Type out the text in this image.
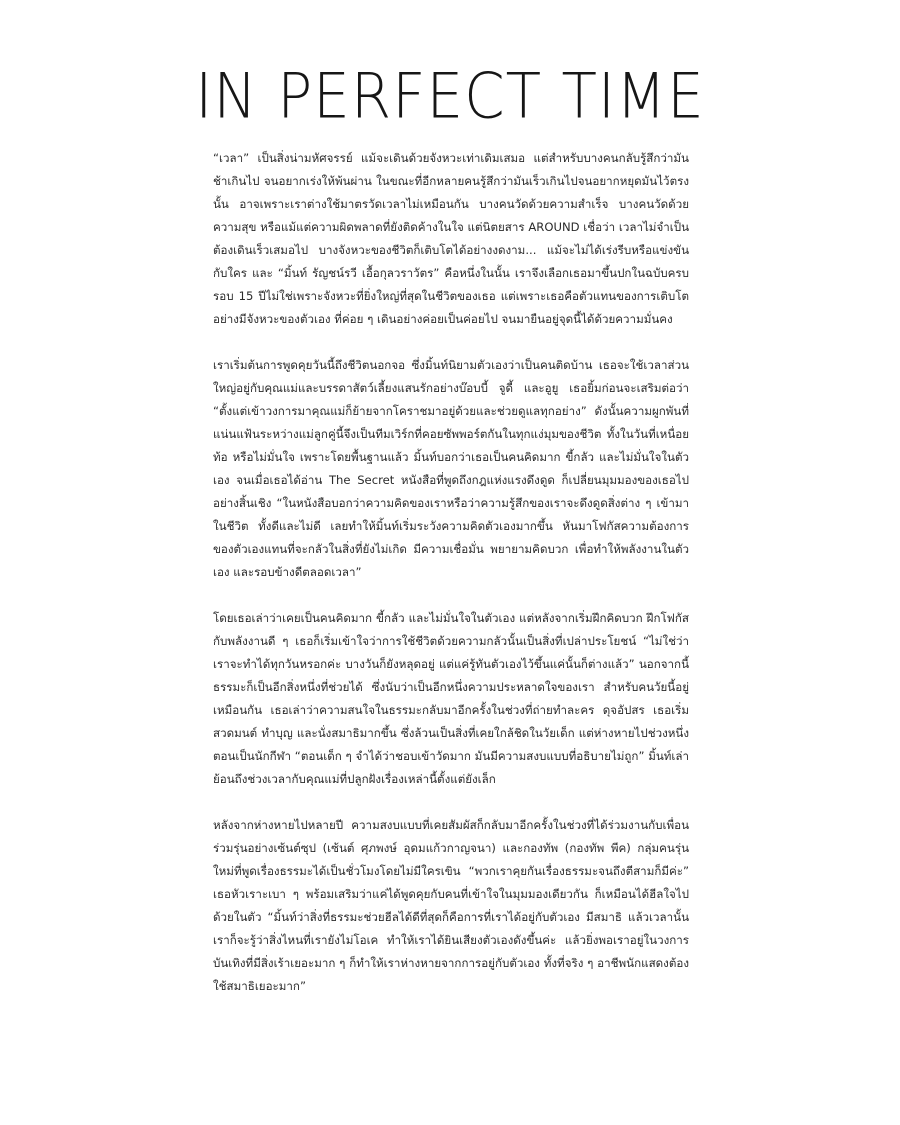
IN PERFECT TIME

“เวลา” เป็นสิ่งน่ามหัศจรรย์ แม้จะเดินด้วยจังหวะเท่าเดิมเสมอ แต่สำหรับบางคนกลับรู้สึกว่ามันช้าเกินไป จนอยากเร่งให้พ้นผ่าน ในขณะที่อีกหลายคนรู้สึกว่ามันเร็วเกินไปจนอยากหยุดมันไว้ตรงนั้น อาจเพราะเราต่างใช้มาตรวัดเวลาไม่เหมือนกัน บางคนวัดด้วยความสำเร็จ บางคนวัดด้วยความสุข หรือแม้แต่ความผิดพลาดที่ยังติดค้างในใจ แต่นิตยสาร AROUND เชื่อว่า เวลาไม่จำเป็นต้องเดินเร็วเสมอไป บางจังหวะของชีวิตก็เติบโตได้อย่างงดงาม... แม้จะไม่ได้เร่งรีบหรือแข่งขันกับใคร และ “มิ้นท์ รัญชน์รวี เอื้อกุลวราวัตร” คือหนึ่งในนั้น เราจึงเลือกเธอมาขึ้นปกในฉบับครบรอบ 15 ปีไม่ใช่เพราะจังหวะที่ยิ่งใหญ่ที่สุดในชีวิตของเธอ แต่เพราะเธอคือตัวแทนของการเติบโตอย่างมีจังหวะของตัวเอง ที่ค่อย ๆ เดินอย่างค่อยเป็นค่อยไป จนมายืนอยู่จุดนี้ได้ด้วยความมั่นคง

เราเริ่มต้นการพูดคุยวันนี้ถึงชีวิตนอกจอ ซึ่งมิ้นท์นิยามตัวเองว่าเป็นคนติดบ้าน เธอจะใช้เวลาส่วนใหญ่อยู่กับคุณแม่และบรรดาสัตว์เลี้ยงแสนรักอย่างบ๊อบบี้ จูดี้ และอูยู เธอยิ้มก่อนจะเสริมต่อว่า “ตั้งแต่เข้าวงการมาคุณแม่ก็ย้ายจากโคราชมาอยู่ด้วยและช่วยดูแลทุกอย่าง” ดังนั้นความผูกพันที่แน่นแฟ้นระหว่างแม่ลูกคู่นี้จึงเป็นทีมเวิร์กที่คอยซัพพอร์ตกันในทุกแง่มุมของชีวิต ทั้งในวันที่เหนื่อย ท้อ หรือไม่มั่นใจ เพราะโดยพื้นฐานแล้ว มิ้นท์บอกว่าเธอเป็นคนคิดมาก ขี้กลัว และไม่มั่นใจในตัวเอง จนเมื่อเธอได้อ่าน The Secret หนังสือที่พูดถึงกฎแห่งแรงดึงดูด ก็เปลี่ยนมุมมองของเธอไปอย่างสิ้นเชิง “ในหนังสือบอกว่าความคิดของเราหรือว่าความรู้สึกของเราจะดึงดูดสิ่งต่าง ๆ เข้ามาในชีวิต ทั้งดีและไม่ดี เลยทำให้มิ้นท์เริ่มระวังความคิดตัวเองมากขึ้น หันมาโฟกัสความต้องการของตัวเองแทนที่จะกลัวในสิ่งที่ยังไม่เกิด มีความเชื่อมั่น พยายามคิดบวก เพื่อทำให้พลังงานในตัวเอง และรอบข้างดีตลอดเวลา”

โดยเธอเล่าว่าเคยเป็นคนคิดมาก ขี้กลัว และไม่มั่นใจในตัวเอง แต่หลังจากเริ่มฝึกคิดบวก ฝึกโฟกัสกับพลังงานดี ๆ เธอก็เริ่มเข้าใจว่าการใช้ชีวิตด้วยความกลัวนั้นเป็นสิ่งที่เปล่าประโยชน์ “ไม่ใช่ว่าเราจะทำได้ทุกวันหรอกค่ะ บางวันก็ยังหลุดอยู่ แต่แค่รู้ทันตัวเองไว้ขึ้นแค่นั้นก็ต่างแล้ว” นอกจากนี้ธรรมะก็เป็นอีกสิ่งหนึ่งที่ช่วยได้ ซึ่งนับว่าเป็นอีกหนึ่งความประหลาดใจของเรา สำหรับคนวัยนี้อยู่เหมือนกัน เธอเล่าว่าความสนใจในธรรมะกลับมาอีกครั้งในช่วงที่ถ่ายทำละคร ดุจอัปสร เธอเริ่มสวดมนต์ ทำบุญ และนั่งสมาธิมากขึ้น ซึ่งล้วนเป็นสิ่งที่เคยใกล้ชิดในวัยเด็ก แต่ห่างหายไปช่วงหนึ่งตอนเป็นนักกีฬา “ตอนเด็ก ๆ จำได้ว่าชอบเข้าวัดมาก มันมีความสงบแบบที่อธิบายไม่ถูก” มิ้นท์เล่าย้อนถึงช่วงเวลากับคุณแม่ที่ปลูกฝังเรื่องเหล่านี้ตั้งแต่ยังเล็ก

หลังจากห่างหายไปหลายปี ความสงบแบบที่เคยสัมผัสก็กลับมาอีกครั้งในช่วงที่ได้ร่วมงานกับเพื่อนร่วมรุ่นอย่างเซ้นต์ซุป (เซ้นต์ ศุภพงษ์ อุดมแก้วกาญจนา) และกองทัพ (กองทัพ พีค) กลุ่มคนรุ่นใหม่ที่พูดเรื่องธรรมะได้เป็นชั่วโมงโดยไม่มีใครเขิน “พวกเราคุยกันเรื่องธรรมะจนถึงตีสามก็มีค่ะ” เธอหัวเราะเบา ๆ พร้อมเสริมว่าแค่ได้พูดคุยกับคนที่เข้าใจในมุมมองเดียวกัน ก็เหมือนได้ฮีลใจไปด้วยในตัว “มิ้นท์ว่าสิ่งที่ธรรมะช่วยฮีลได้ดีที่สุดก็คือการที่เราได้อยู่กับตัวเอง มีสมาธิ แล้วเวลานั้นเราก็จะรู้ว่าสิ่งไหนที่เรายังไม่โอเค ทำให้เราได้ยินเสียงตัวเองดังขึ้นค่ะ แล้วยิ่งพอเราอยู่ในวงการบันเทิงที่มีสิ่งเร้าเยอะมาก ๆ ก็ทำให้เราห่างหายจากการอยู่กับตัวเอง ทั้งที่จริง ๆ อาชีพนักแสดงต้องใช้สมาธิเยอะมาก”
